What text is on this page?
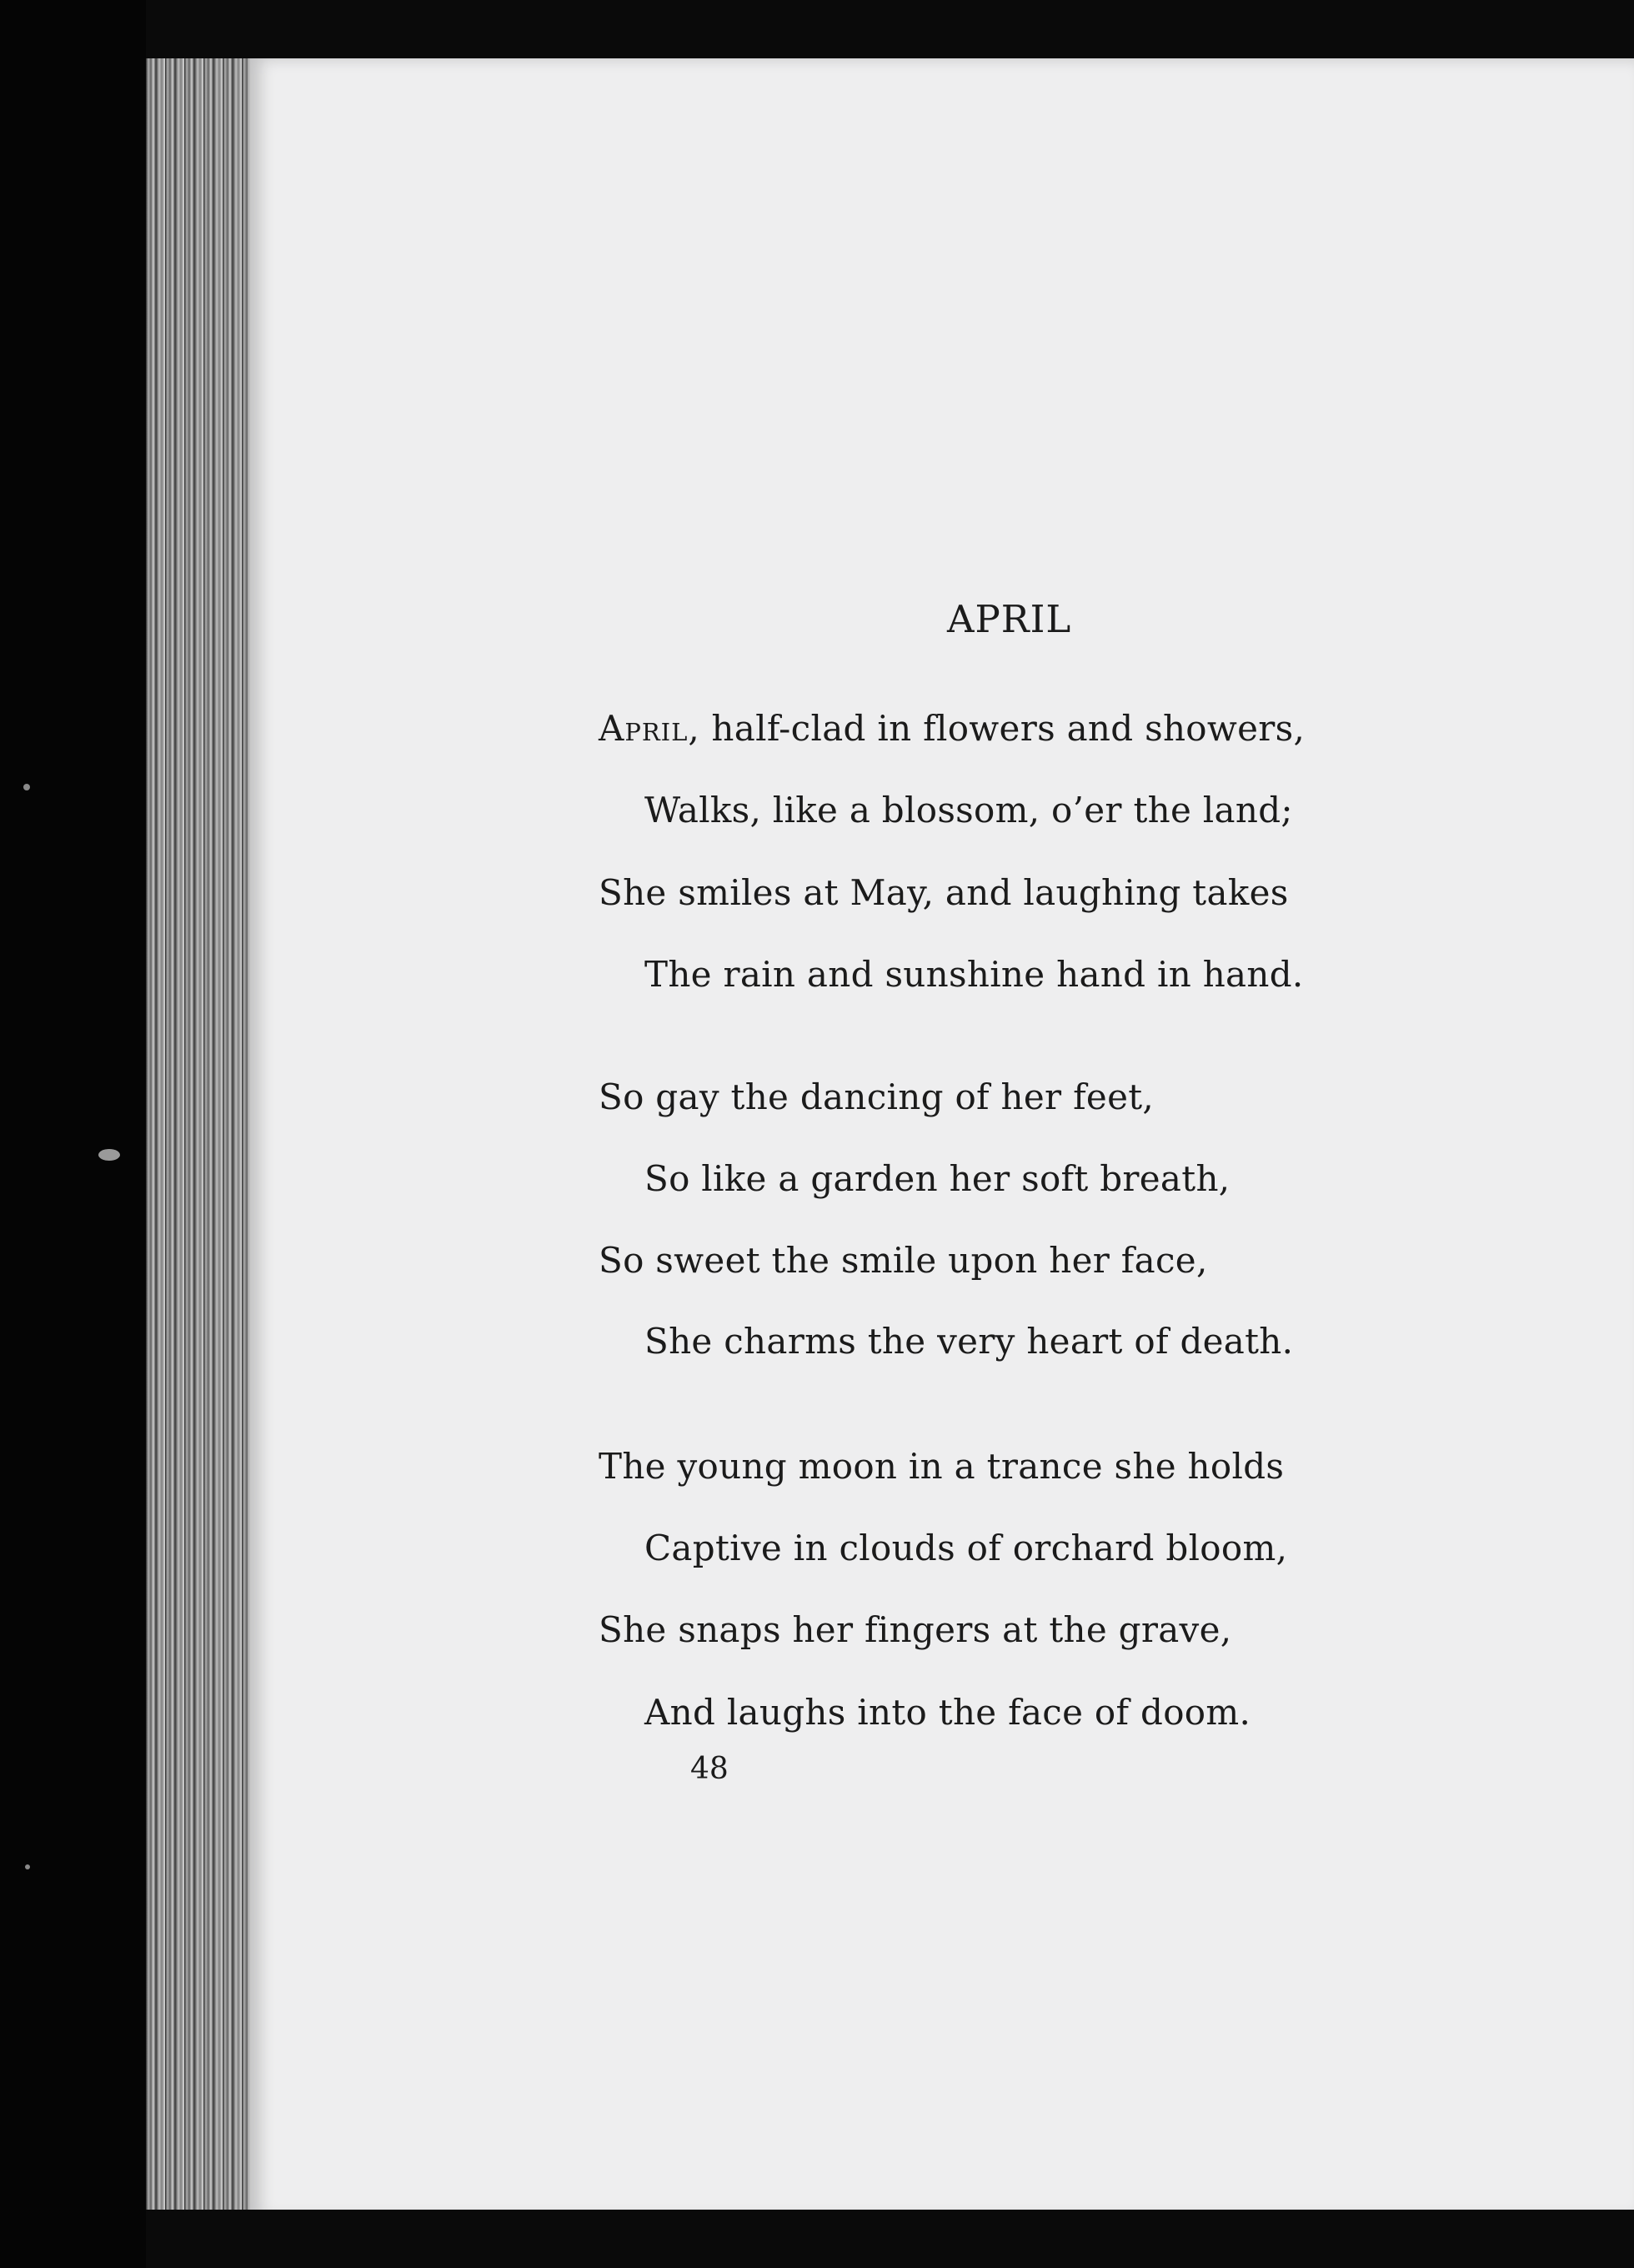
APRIL
April, half-clad in flowers and showers,
Walks, like a blossom, o’er the land;
She smiles at May, and laughing takes
The rain and sunshine hand in hand.
So gay the dancing of her feet,
So like a garden her soft breath,
So sweet the smile upon her face,
She charms the very heart of death.
The young moon in a trance she holds
Captive in clouds of orchard bloom,
She snaps her fingers at the grave,
And laughs into the face of doom.
48
